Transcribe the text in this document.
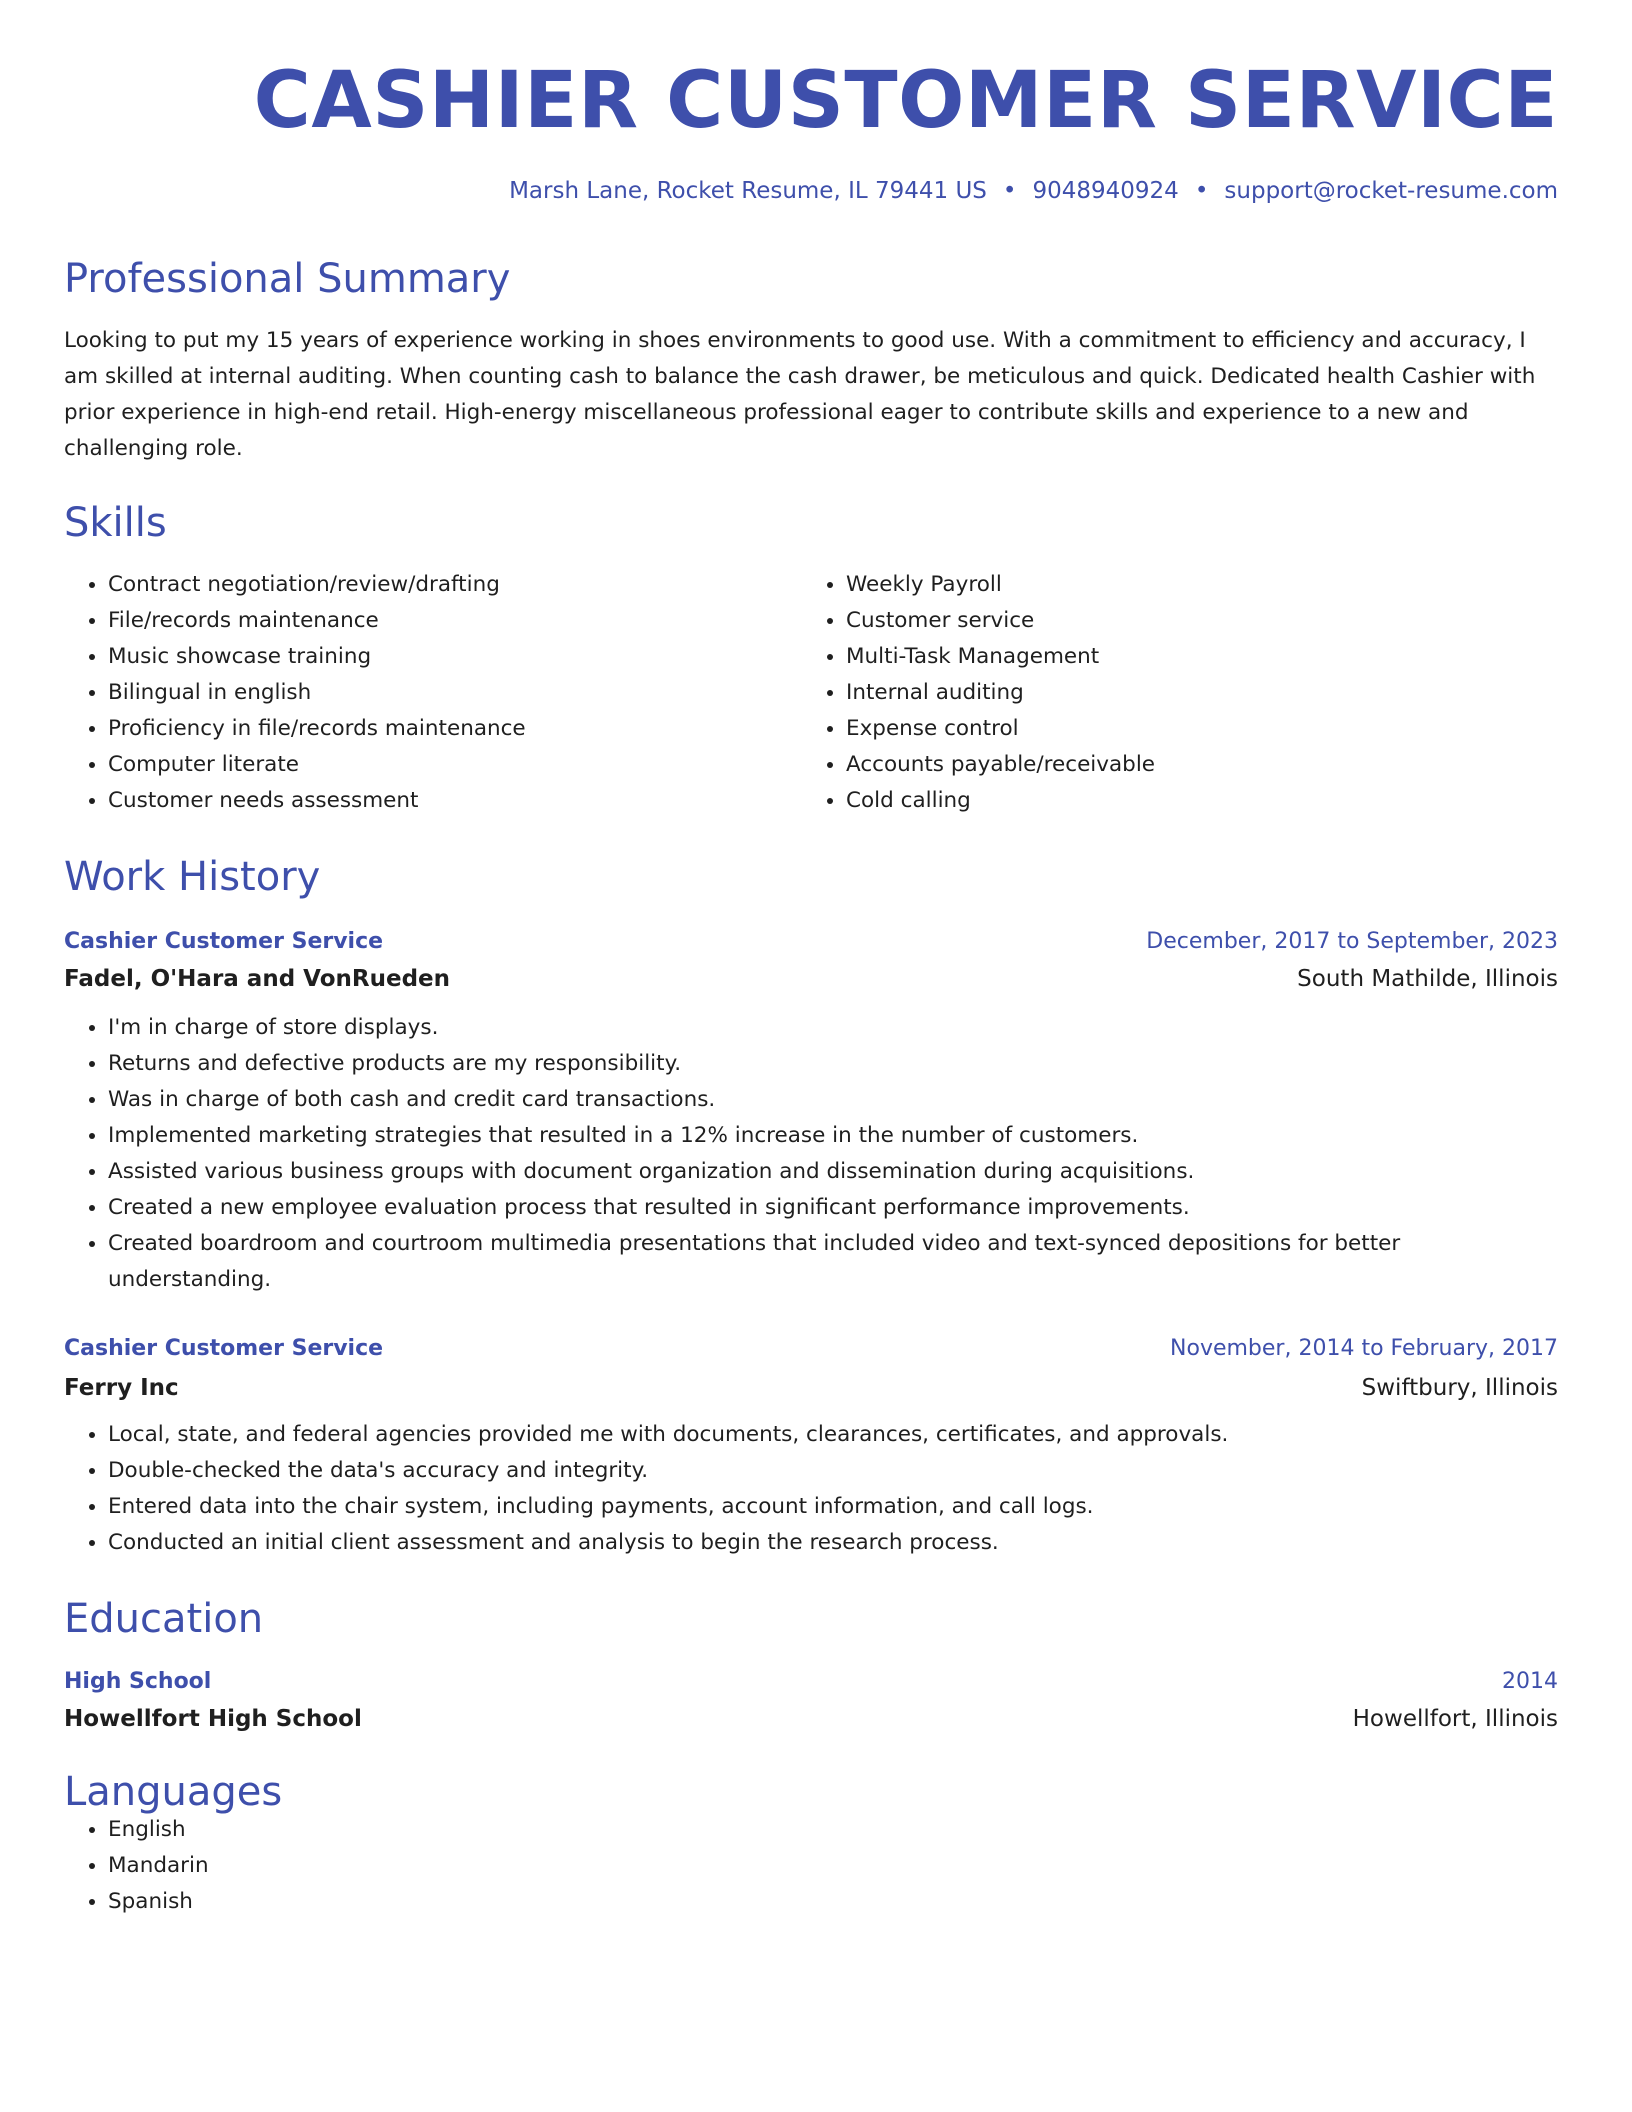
CASHIER CUSTOMER SERVICE
Marsh Lane, Rocket Resume, IL 79441 US • 9048940924 • support@rocket-resume.com
Professional Summary
Looking to put my 15 years of experience working in shoes environments to good use. With a commitment to efficiency and accuracy, I am skilled at internal auditing. When counting cash to balance the cash drawer, be meticulous and quick. Dedicated health Cashier with prior experience in high-end retail. High-energy miscellaneous professional eager to contribute skills and experience to a new and challenging role.
Skills
• Contract negotiation/review/drafting
• File/records maintenance
• Music showcase training
• Bilingual in english
• Proficiency in file/records maintenance
• Computer literate
• Customer needs assessment
• Weekly Payroll
• Customer service
• Multi-Task Management
• Internal auditing
• Expense control
• Accounts payable/receivable
• Cold calling
Work History
Cashier Customer Service	December, 2017 to September, 2023
Fadel, O'Hara and VonRueden	South Mathilde, Illinois
• I'm in charge of store displays.
• Returns and defective products are my responsibility.
• Was in charge of both cash and credit card transactions.
• Implemented marketing strategies that resulted in a 12% increase in the number of customers.
• Assisted various business groups with document organization and dissemination during acquisitions.
• Created a new employee evaluation process that resulted in significant performance improvements.
• Created boardroom and courtroom multimedia presentations that included video and text-synced depositions for better understanding.
Cashier Customer Service	November, 2014 to February, 2017
Ferry Inc	Swiftbury, Illinois
• Local, state, and federal agencies provided me with documents, clearances, certificates, and approvals.
• Double-checked the data's accuracy and integrity.
• Entered data into the chair system, including payments, account information, and call logs.
• Conducted an initial client assessment and analysis to begin the research process.
Education
High School	2014
Howellfort High School	Howellfort, Illinois
Languages
• English
• Mandarin
• Spanish
